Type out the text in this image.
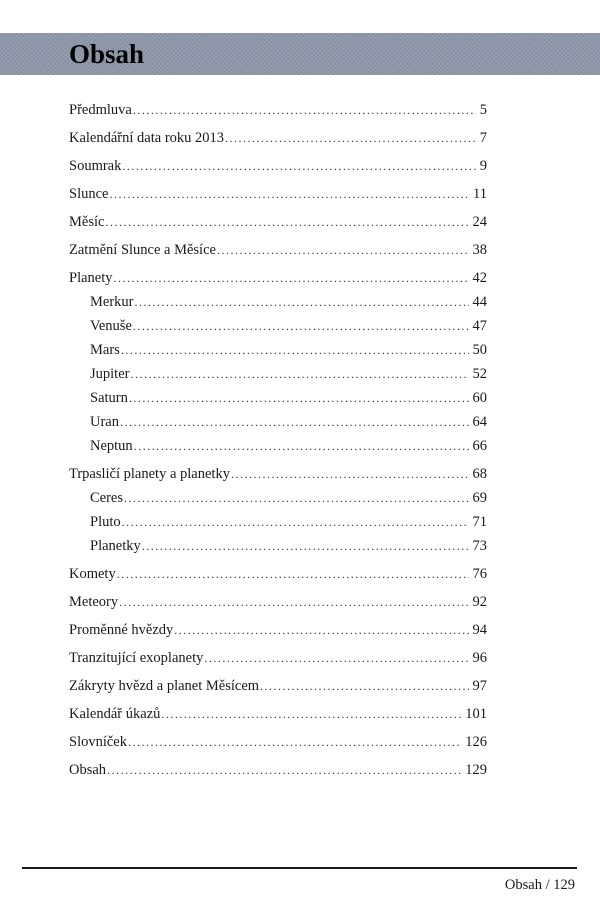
Obsah
Předmluva .....	5
Kalendářní data roku 2013 .....	7
Soumrak .....	9
Slunce .....	11
Měsíc .....	24
Zatmění Slunce a Měsíce .....	38
Planety .....	42
Merkur .....	44
Venuše .....	47
Mars .....	50
Jupiter .....	52
Saturn .....	60
Uran .....	64
Neptun .....	66
Trpasličí planety a planetky .....	68
Ceres .....	69
Pluto .....	71
Planetky .....	73
Komety .....	76
Meteory .....	92
Proměnné hvězdy .....	94
Tranzitující exoplanety .....	96
Zákryty hvězd a planet Měsícem .....	97
Kalendář úkazů .....	101
Slovníček .....	126
Obsah .....	129
Obsah / 129
